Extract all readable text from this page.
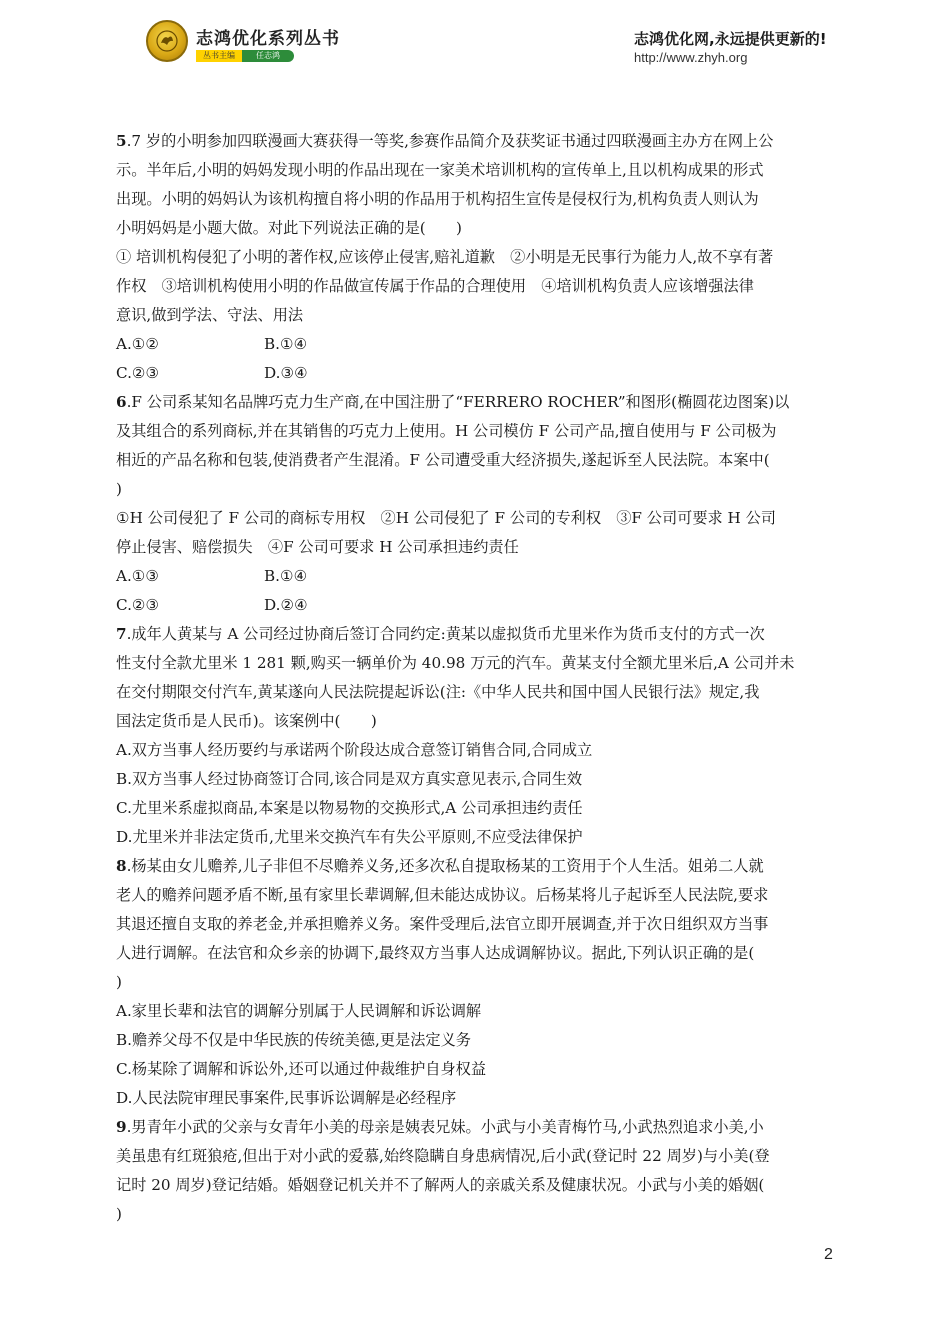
志鸿优化系列丛书
丛书主编	任志鸿
志鸿优化网,永远提供更新的!
http://www.zhyh.org
5.7 岁的小明参加四联漫画大赛获得一等奖,参赛作品简介及获奖证书通过四联漫画主办方在网上公
示。半年后,小明的妈妈发现小明的作品出现在一家美术培训机构的宣传单上,且以机构成果的形式
出现。小明的妈妈认为该机构擅自将小明的作品用于机构招生宣传是侵权行为,机构负责人则认为
小明妈妈是小题大做。对此下列说法正确的是(　　)
① 培训机构侵犯了小明的著作权,应该停止侵害,赔礼道歉　②小明是无民事行为能力人,故不享有著
作权　③培训机构使用小明的作品做宣传属于作品的合理使用　④培训机构负责人应该增强法律
意识,做到学法、守法、用法
A.①②	B.①④
C.②③	D.③④
6.F 公司系某知名品牌巧克力生产商,在中国注册了“FERRERO ROCHER”和图形(椭圆花边图案)以
及其组合的系列商标,并在其销售的巧克力上使用。H 公司模仿 F 公司产品,擅自使用与 F 公司极为
相近的产品名称和包装,使消费者产生混淆。F 公司遭受重大经济损失,遂起诉至人民法院。本案中(
)
①H 公司侵犯了 F 公司的商标专用权　②H 公司侵犯了 F 公司的专利权　③F 公司可要求 H 公司
停止侵害、赔偿损失　④F 公司可要求 H 公司承担违约责任
A.①③	B.①④
C.②③	D.②④
7.成年人黄某与 A 公司经过协商后签订合同约定:黄某以虚拟货币尤里米作为货币支付的方式一次
性支付全款尤里米 1 281 颗,购买一辆单价为 40.98 万元的汽车。黄某支付全额尤里米后,A 公司并未
在交付期限交付汽车,黄某遂向人民法院提起诉讼(注:《中华人民共和国中国人民银行法》规定,我
国法定货币是人民币)。该案例中(　　)
A.双方当事人经历要约与承诺两个阶段达成合意签订销售合同,合同成立
B.双方当事人经过协商签订合同,该合同是双方真实意见表示,合同生效
C.尤里米系虚拟商品,本案是以物易物的交换形式,A 公司承担违约责任
D.尤里米并非法定货币,尤里米交换汽车有失公平原则,不应受法律保护
8.杨某由女儿赡养,儿子非但不尽赡养义务,还多次私自提取杨某的工资用于个人生活。姐弟二人就
老人的赡养问题矛盾不断,虽有家里长辈调解,但未能达成协议。后杨某将儿子起诉至人民法院,要求
其退还擅自支取的养老金,并承担赡养义务。案件受理后,法官立即开展调查,并于次日组织双方当事
人进行调解。在法官和众乡亲的协调下,最终双方当事人达成调解协议。据此,下列认识正确的是(
)
A.家里长辈和法官的调解分别属于人民调解和诉讼调解
B.赡养父母不仅是中华民族的传统美德,更是法定义务
C.杨某除了调解和诉讼外,还可以通过仲裁维护自身权益
D.人民法院审理民事案件,民事诉讼调解是必经程序
9.男青年小武的父亲与女青年小美的母亲是姨表兄妹。小武与小美青梅竹马,小武热烈追求小美,小
美虽患有红斑狼疮,但出于对小武的爱慕,始终隐瞒自身患病情况,后小武(登记时 22 周岁)与小美(登
记时 20 周岁)登记结婚。婚姻登记机关并不了解两人的亲戚关系及健康状况。小武与小美的婚姻(
)
2
